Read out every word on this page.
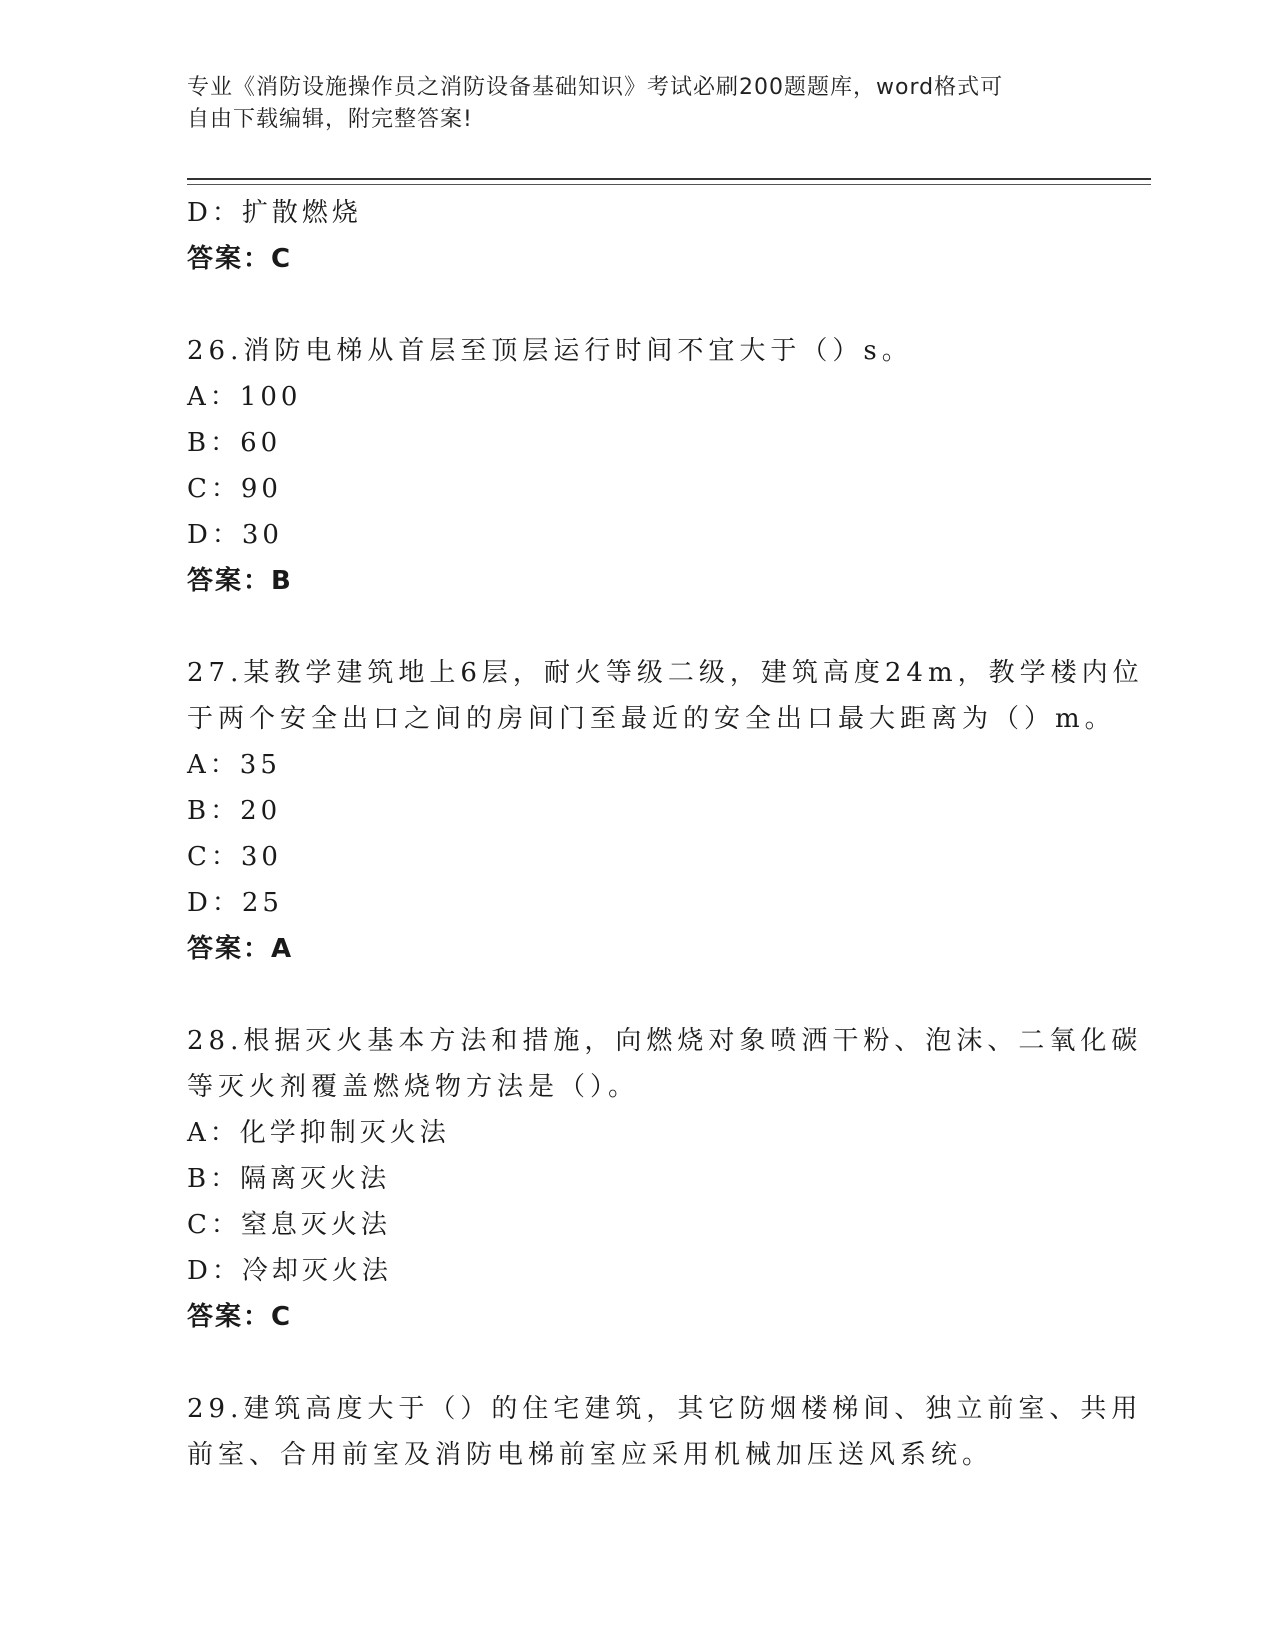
专业《消防设施操作员之消防设备基础知识》考试必刷200题题库，word格式可
自由下载编辑，附完整答案!
D：扩散燃烧
答案：C
26.消防电梯从首层至顶层运行时间不宜大于（）s。
A：100
B：60
C：90
D：30
答案：B
27.某教学建筑地上6层，耐火等级二级，建筑高度24m，教学楼内位
于两个安全出口之间的房间门至最近的安全出口最大距离为（）m。
A：35
B：20
C：30
D：25
答案：A
28.根据灭火基本方法和措施，向燃烧对象喷洒干粉、泡沫、二氧化碳
等灭火剂覆盖燃烧物方法是（）。
A：化学抑制灭火法
B：隔离灭火法
C：窒息灭火法
D：冷却灭火法
答案：C
29.建筑高度大于（）的住宅建筑，其它防烟楼梯间、独立前室、共用
前室、合用前室及消防电梯前室应采用机械加压送风系统。
